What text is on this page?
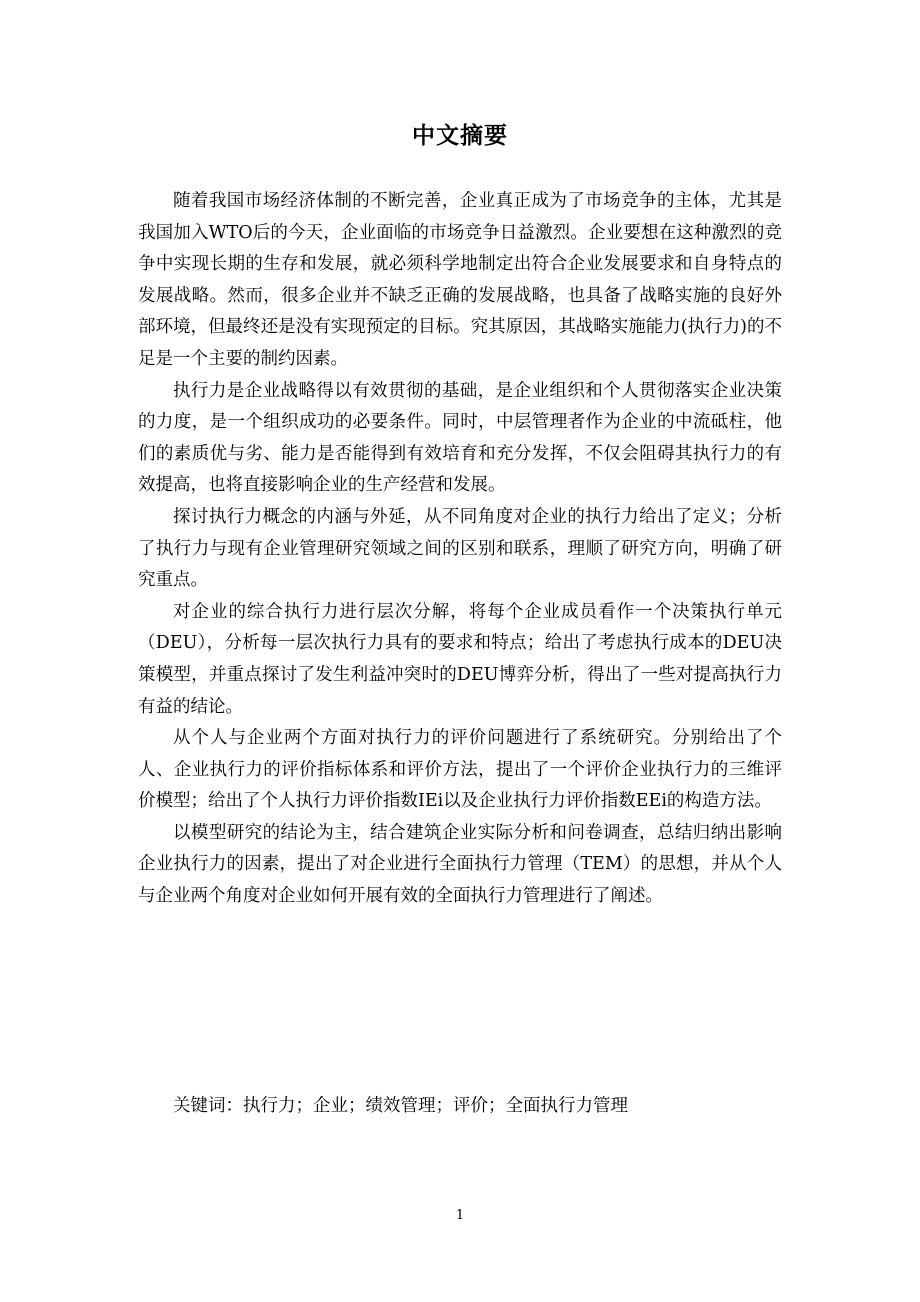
中文摘要

随着我国市场经济体制的不断完善，企业真正成为了市场竞争的主体，尤其是我国加入WTO后的今天，企业面临的市场竞争日益激烈。企业要想在这种激烈的竞争中实现长期的生存和发展，就必须科学地制定出符合企业发展要求和自身特点的发展战略。然而，很多企业并不缺乏正确的发展战略，也具备了战略实施的良好外部环境，但最终还是没有实现预定的目标。究其原因，其战略实施能力(执行力)的不足是一个主要的制约因素。

执行力是企业战略得以有效贯彻的基础，是企业组织和个人贯彻落实企业决策的力度，是一个组织成功的必要条件。同时，中层管理者作为企业的中流砥柱，他们的素质优与劣、能力是否能得到有效培育和充分发挥，不仅会阻碍其执行力的有效提高，也将直接影响企业的生产经营和发展。

探讨执行力概念的内涵与外延，从不同角度对企业的执行力给出了定义；分析了执行力与现有企业管理研究领域之间的区别和联系，理顺了研究方向，明确了研究重点。

对企业的综合执行力进行层次分解，将每个企业成员看作一个决策执行单元（DEU），分析每一层次执行力具有的要求和特点；给出了考虑执行成本的DEU决策模型，并重点探讨了发生利益冲突时的DEU博弈分析，得出了一些对提高执行力有益的结论。

从个人与企业两个方面对执行力的评价问题进行了系统研究。分别给出了个人、企业执行力的评价指标体系和评价方法，提出了一个评价企业执行力的三维评价模型；给出了个人执行力评价指数IEi以及企业执行力评价指数EEi的构造方法。

以模型研究的结论为主，结合建筑企业实际分析和问卷调查，总结归纳出影响企业执行力的因素，提出了对企业进行全面执行力管理（TEM）的思想，并从个人与企业两个角度对企业如何开展有效的全面执行力管理进行了阐述。

关键词：执行力；企业；绩效管理；评价；全面执行力管理
1
